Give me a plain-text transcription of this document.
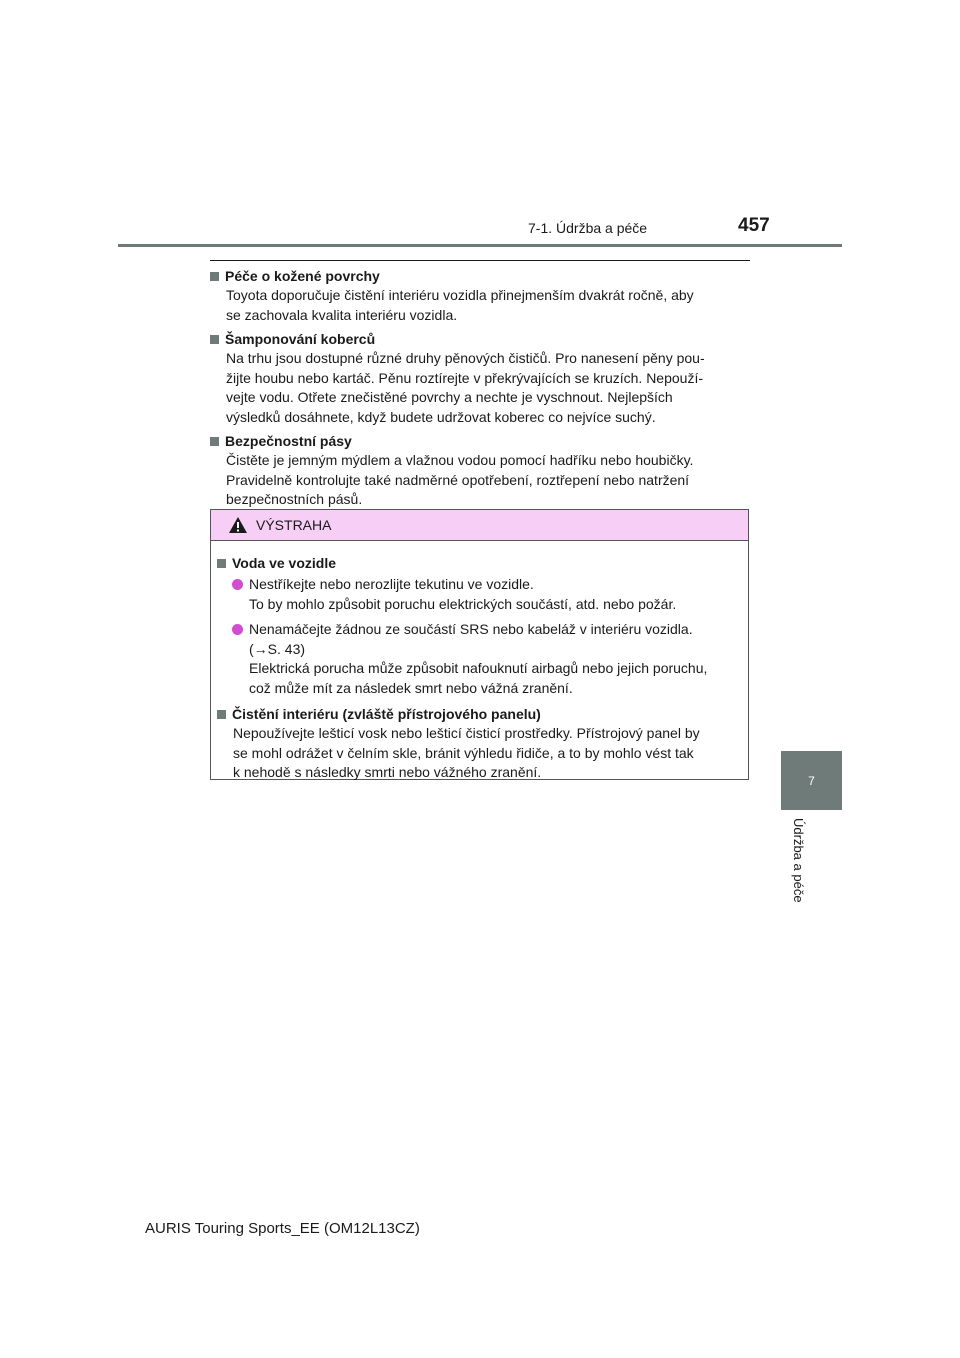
7-1. Údržba a péče	457
Péče o kožené povrchy
Toyota doporučuje čistění interiéru vozidla přinejmenším dvakrát ročně, aby
se zachovala kvalita interiéru vozidla.
Šamponování koberců
Na trhu jsou dostupné různé druhy pěnových čističů. Pro nanesení pěny pou-
žijte houbu nebo kartáč. Pěnu roztírejte v překrývajících se kruzích. Nepouží-
vejte vodu. Otřete znečistěné povrchy a nechte je vyschnout. Nejlepších
výsledků dosáhnete, když budete udržovat koberec co nejvíce suchý.
Bezpečnostní pásy
Čistěte je jemným mýdlem a vlažnou vodou pomocí hadříku nebo houbičky.
Pravidelně kontrolujte také nadměrné opotřebení, roztřepení nebo natržení
bezpečnostních pásů.
VÝSTRAHA
Voda ve vozidle
Nestříkejte nebo nerozlijte tekutinu ve vozidle.
To by mohlo způsobit poruchu elektrických součástí, atd. nebo požár.
Nenamáčejte žádnou ze součástí SRS nebo kabeláž v interiéru vozidla.
(→S. 43)
Elektrická porucha může způsobit nafouknutí airbagů nebo jejich poruchu,
což může mít za následek smrt nebo vážná zranění.
Čistění interiéru (zvláště přístrojového panelu)
Nepoužívejte lešticí vosk nebo lešticí čisticí prostředky. Přístrojový panel by
se mohl odrážet v čelním skle, bránit výhledu řidiče, a to by mohlo vést tak
k nehodě s následky smrti nebo vážného zranění.
7
Údržba a péče
AURIS Touring Sports_EE (OM12L13CZ)
